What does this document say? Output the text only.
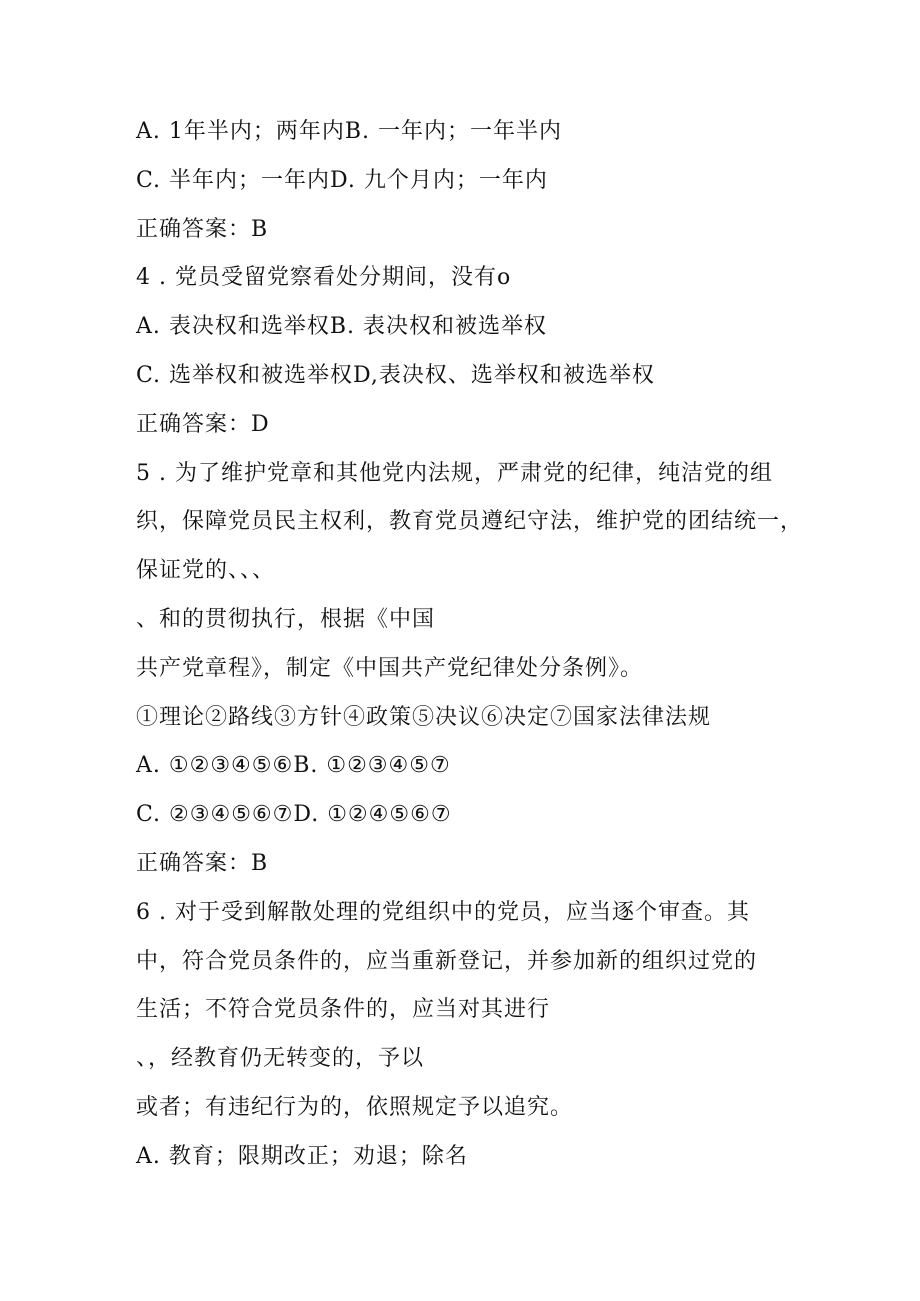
A. 1年半内；两年内B. 一年内；一年半内
C. 半年内；一年内D. 九个月内；一年内
正确答案：B
4 . 党员受留党察看处分期间，没有o
A. 表决权和选举权B. 表决权和被选举权
C. 选举权和被选举权D,表决权、选举权和被选举权
正确答案：D
5 . 为了维护党章和其他党内法规，严肃党的纪律，纯洁党的组
织，保障党员民主权利，教育党员遵纪守法，维护党的团结统一，
保证党的、、、
、和的贯彻执行，根据《中国
共产党章程》，制定《中国共产党纪律处分条例》。
①理论②路线③方针④政策⑤决议⑥决定⑦国家法律法规
A. ①②③④⑤⑥B. ①②③④⑤⑦
C. ②③④⑤⑥⑦D. ①②④⑤⑥⑦
正确答案：B
6 . 对于受到解散处理的党组织中的党员，应当逐个审查。其
中，符合党员条件的，应当重新登记，并参加新的组织过党的
生活；不符合党员条件的，应当对其进行
、，经教育仍无转变的，予以
或者；有违纪行为的，依照规定予以追究。
A. 教育；限期改正；劝退；除名
